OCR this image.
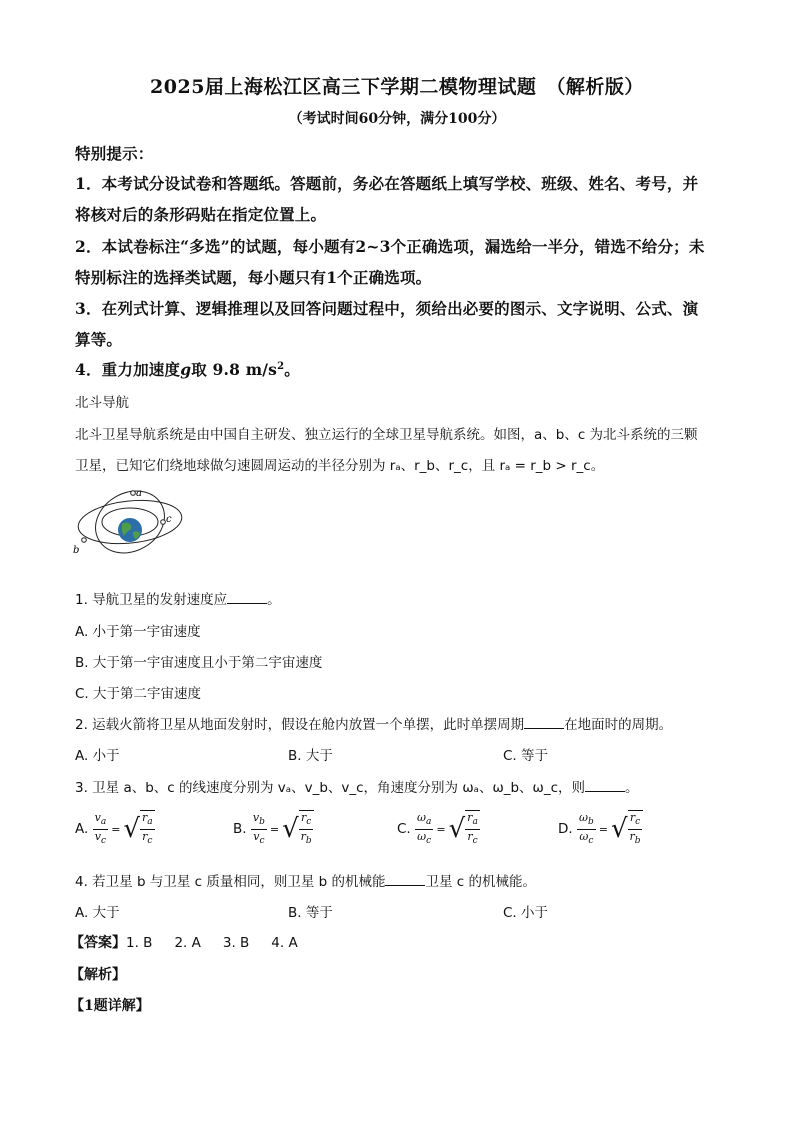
2025届上海松江区高三下学期二模物理试题　（解析版）
（考试时间60分钟，满分100分）
特别提示：
1．本考试分设试卷和答题纸。答题前，务必在答题纸上填写学校、班级、姓名、考号，并
将核对后的条形码贴在指定位置上。
2．本试卷标注“多选”的试题，每小题有2~3个正确选项，漏选给一半分，错选不给分；未
特别标注的选择类试题，每小题只有1个正确选项。
3．在列式计算、逻辑推理以及回答问题过程中，须给出必要的图示、文字说明、公式、演
算等。
4．重力加速度g取 9.8 $m/s^2$。
北斗导航
北斗卫星导航系统是由中国自主研发、独立运行的全球卫星导航系统。如图，a、b、c 为北斗系统的三颗
卫星，已知它们绕地球做匀速圆周运动的半径分别为 rₐ、r_b、r_c，且 rₐ = r_b > r_c。
a
b
c
1. 导航卫星的发射速度应	。
A. 小于第一宇宙速度
B. 大于第一宇宙速度且小于第二宇宙速度
C. 大于第二宇宙速度
2. 运载火箭将卫星从地面发射时，假设在舱内放置一个单摆，此时单摆周期	在地面时的周期。
A. 小于	B. 大于	C. 等于
3. 卫星 a、b、c 的线速度分别为 vₐ、v_b、v_c，角速度分别为 ωₐ、ω_b、ω_c，则	。
A. $\frac{v_a}{v_c}$ = √ $\frac{r_a}{r_c}$	B. $\frac{v_b}{v_c}$ = √ $\frac{r_c}{r_b}$	C. $\frac{\omega_a}{\omega_c}$ = √ $\frac{r_a}{r_c}$	D. $\frac{\omega_b}{\omega_c}$ = √ $\frac{r_c}{r_b}$
4. 若卫星 b 与卫星 c 质量相同，则卫星 b 的机械能	卫星 c 的机械能。
A. 大于	B. 等于	C. 小于
【答案】1. B 2. A 3. B 4. A
【解析】
【1题详解】
